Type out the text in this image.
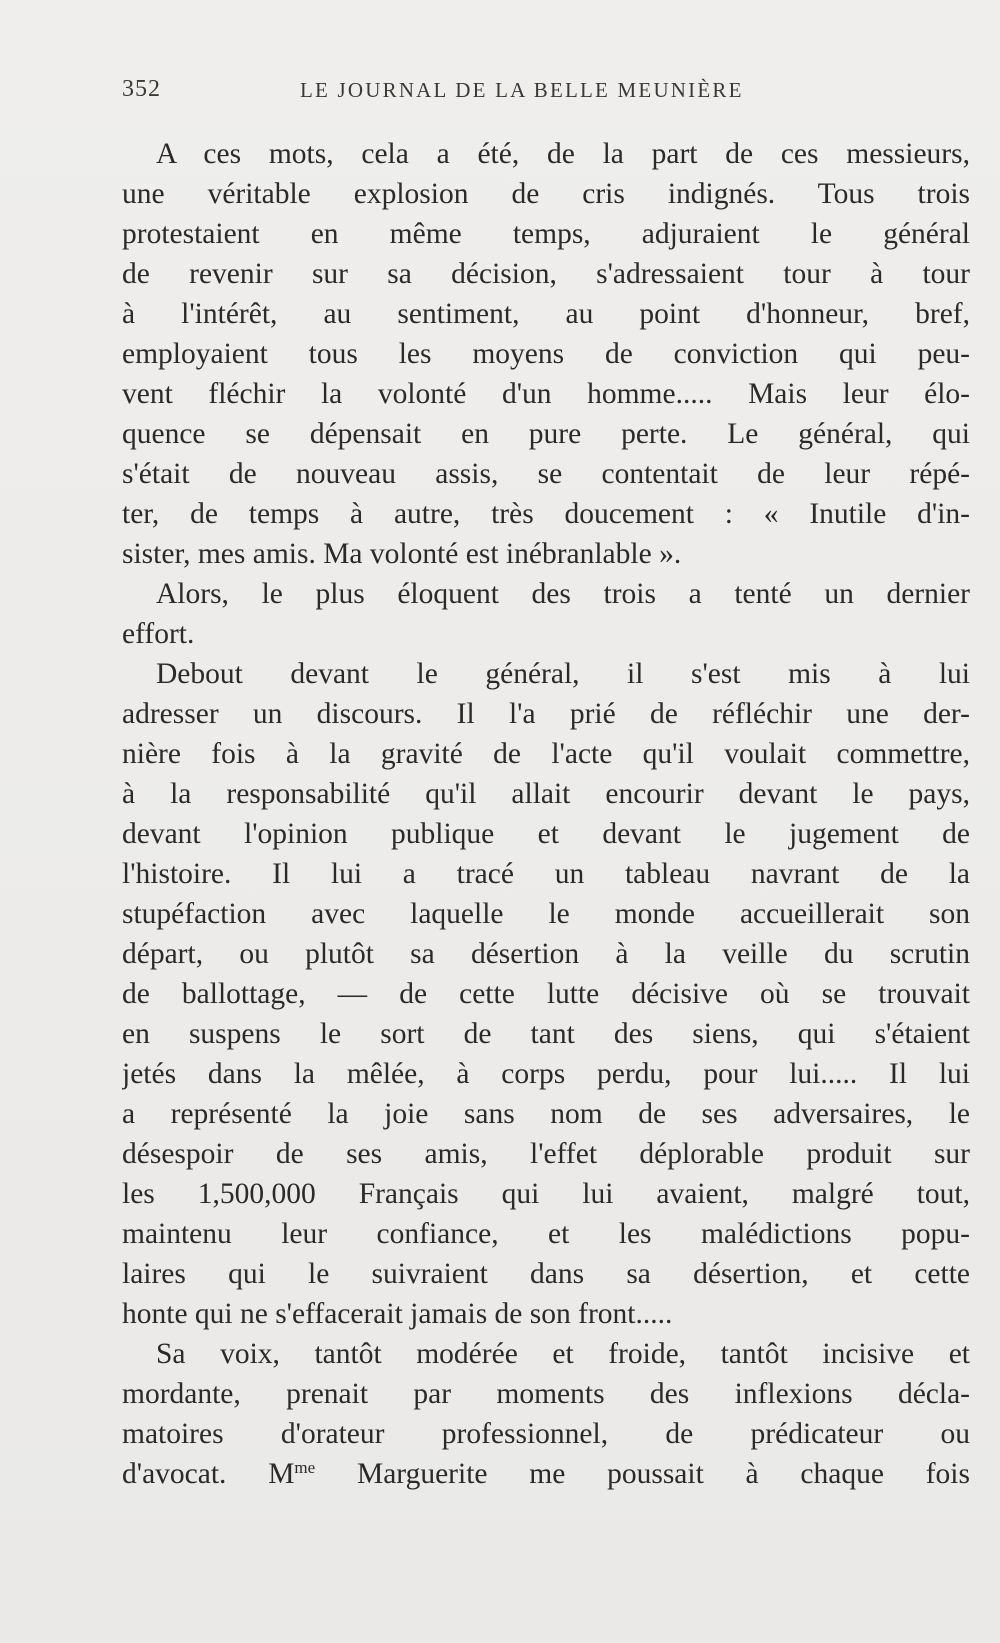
352	LE JOURNAL DE LA BELLE MEUNIÈRE
A ces mots, cela a été, de la part de ces messieurs,
une véritable explosion de cris indignés. Tous trois
protestaient en même temps, adjuraient le général
de revenir sur sa décision, s'adressaient tour à tour
à l'intérêt, au sentiment, au point d'honneur, bref,
employaient tous les moyens de conviction qui peu-
vent fléchir la volonté d'un homme..... Mais leur élo-
quence se dépensait en pure perte. Le général, qui
s'était de nouveau assis, se contentait de leur répé-
ter, de temps à autre, très doucement : « Inutile d'in-
sister, mes amis. Ma volonté est inébranlable ».
Alors, le plus éloquent des trois a tenté un dernier
effort.
Debout devant le général, il s'est mis à lui
adresser un discours. Il l'a prié de réfléchir une der-
nière fois à la gravité de l'acte qu'il voulait commettre,
à la responsabilité qu'il allait encourir devant le pays,
devant l'opinion publique et devant le jugement de
l'histoire. Il lui a tracé un tableau navrant de la
stupéfaction avec laquelle le monde accueillerait son
départ, ou plutôt sa désertion à la veille du scrutin
de ballottage, — de cette lutte décisive où se trouvait
en suspens le sort de tant des siens, qui s'étaient
jetés dans la mêlée, à corps perdu, pour lui..... Il lui
a représenté la joie sans nom de ses adversaires, le
désespoir de ses amis, l'effet déplorable produit sur
les 1,500,000 Français qui lui avaient, malgré tout,
maintenu leur confiance, et les malédictions popu-
laires qui le suivraient dans sa désertion, et cette
honte qui ne s'effacerait jamais de son front.....
Sa voix, tantôt modérée et froide, tantôt incisive et
mordante, prenait par moments des inflexions décla-
matoires d'orateur professionnel, de prédicateur ou
d'avocat. $M^{me}$ Marguerite me poussait à chaque fois
